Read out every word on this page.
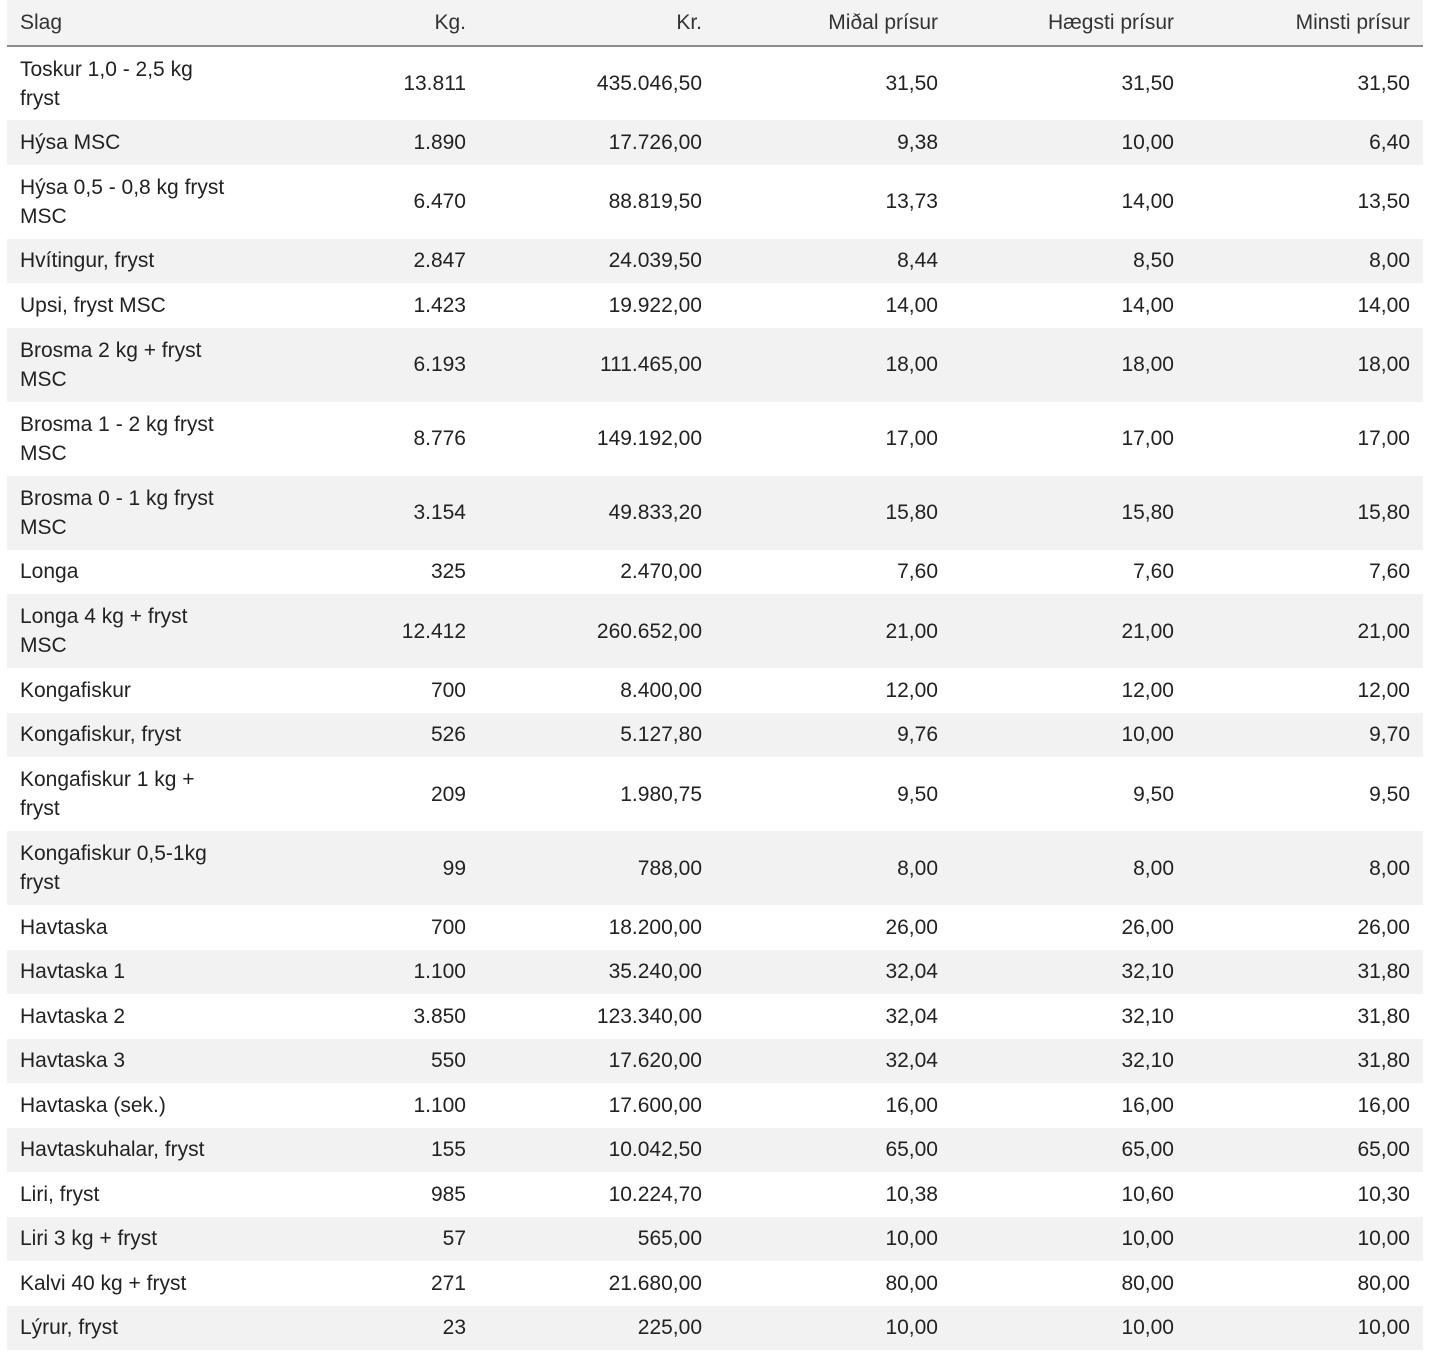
Slag	Kg.	Kr.	Miðal prísur	Hægsti prísur	Minsti prísur
Toskur 1,0 - 2,5 kg fryst	13.811	435.046,50	31,50	31,50	31,50
Hýsa MSC	1.890	17.726,00	9,38	10,00	6,40
Hýsa 0,5 - 0,8 kg fryst MSC	6.470	88.819,50	13,73	14,00	13,50
Hvítingur, fryst	2.847	24.039,50	8,44	8,50	8,00
Upsi, fryst MSC	1.423	19.922,00	14,00	14,00	14,00
Brosma 2 kg + fryst MSC	6.193	111.465,00	18,00	18,00	18,00
Brosma 1 - 2 kg fryst MSC	8.776	149.192,00	17,00	17,00	17,00
Brosma 0 - 1 kg fryst MSC	3.154	49.833,20	15,80	15,80	15,80
Longa	325	2.470,00	7,60	7,60	7,60
Longa 4 kg + fryst MSC	12.412	260.652,00	21,00	21,00	21,00
Kongafiskur	700	8.400,00	12,00	12,00	12,00
Kongafiskur, fryst	526	5.127,80	9,76	10,00	9,70
Kongafiskur 1 kg + fryst	209	1.980,75	9,50	9,50	9,50
Kongafiskur 0,5-1kg fryst	99	788,00	8,00	8,00	8,00
Havtaska	700	18.200,00	26,00	26,00	26,00
Havtaska 1	1.100	35.240,00	32,04	32,10	31,80
Havtaska 2	3.850	123.340,00	32,04	32,10	31,80
Havtaska 3	550	17.620,00	32,04	32,10	31,80
Havtaska (sek.)	1.100	17.600,00	16,00	16,00	16,00
Havtaskuhalar, fryst	155	10.042,50	65,00	65,00	65,00
Liri, fryst	985	10.224,70	10,38	10,60	10,30
Liri 3 kg + fryst	57	565,00	10,00	10,00	10,00
Kalvi 40 kg + fryst	271	21.680,00	80,00	80,00	80,00
Lýrur, fryst	23	225,00	10,00	10,00	10,00
